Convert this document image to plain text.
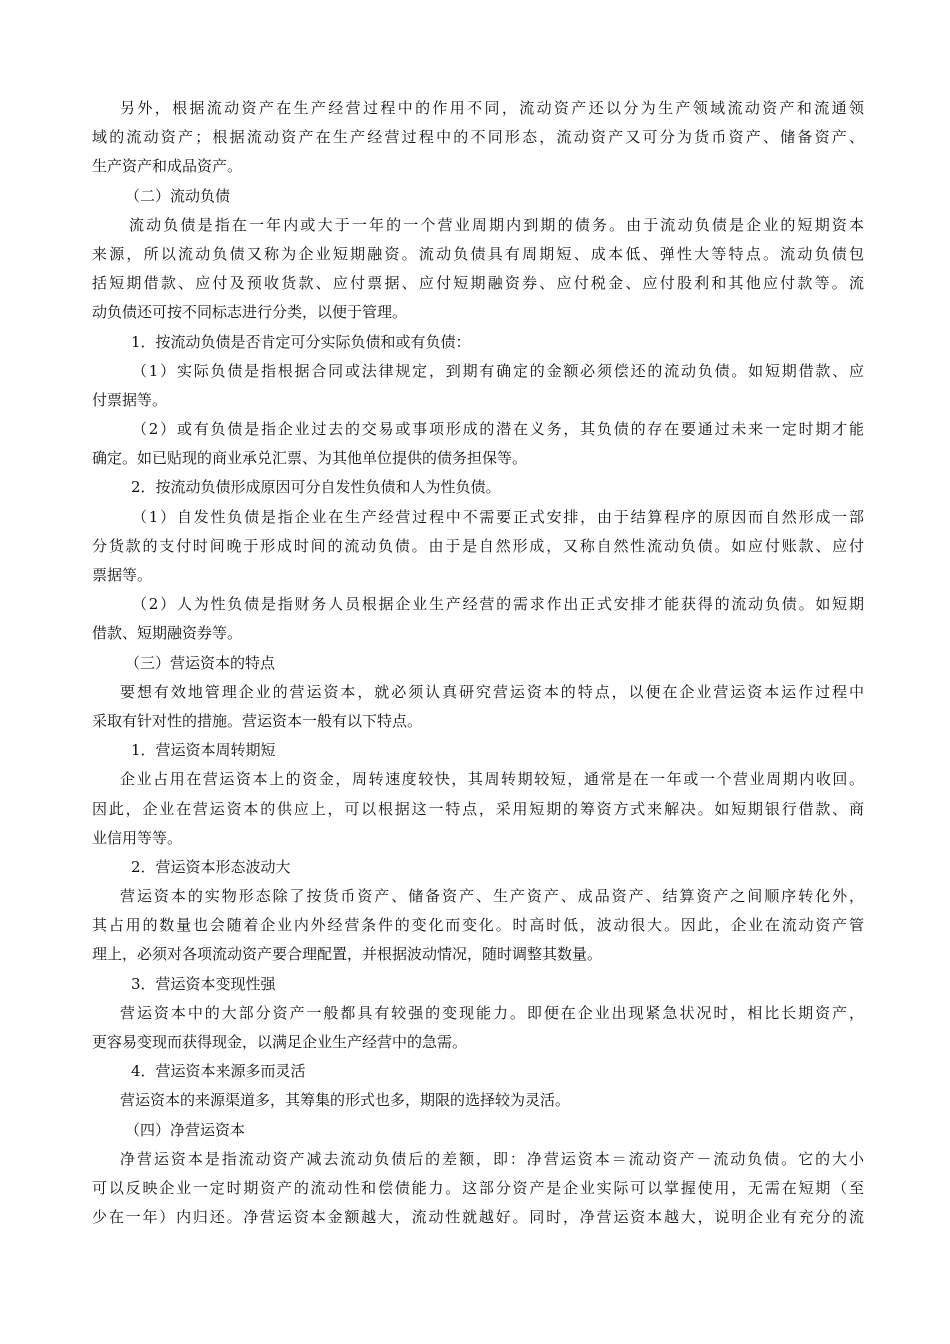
另外，根据流动资产在生产经营过程中的作用不同，流动资产还以分为生产领域流动资产和流通领
域的流动资产；根据流动资产在生产经营过程中的不同形态，流动资产又可分为货币资产、储备资产、
生产资产和成品资产。
（二）流动负债
流动负债是指在一年内或大于一年的一个营业周期内到期的债务。由于流动负债是企业的短期资本
来源，所以流动负债又称为企业短期融资。流动负债具有周期短、成本低、弹性大等特点。流动负债包
括短期借款、应付及预收货款、应付票据、应付短期融资券、应付税金、应付股利和其他应付款等。流
动负债还可按不同标志进行分类，以便于管理。
1．按流动负债是否肯定可分实际负债和或有负债：
（1）实际负债是指根据合同或法律规定，到期有确定的金额必须偿还的流动负债。如短期借款、应
付票据等。
（2）或有负债是指企业过去的交易或事项形成的潜在义务，其负债的存在要通过未来一定时期才能
确定。如已贴现的商业承兑汇票、为其他单位提供的债务担保等。
2．按流动负债形成原因可分自发性负债和人为性负债。
（1）自发性负债是指企业在生产经营过程中不需要正式安排，由于结算程序的原因而自然形成一部
分货款的支付时间晚于形成时间的流动负债。由于是自然形成，又称自然性流动负债。如应付账款、应付
票据等。
（2）人为性负债是指财务人员根据企业生产经营的需求作出正式安排才能获得的流动负债。如短期
借款、短期融资券等。
（三）营运资本的特点
要想有效地管理企业的营运资本，就必须认真研究营运资本的特点，以便在企业营运资本运作过程中
采取有针对性的措施。营运资本一般有以下特点。
1．营运资本周转期短
企业占用在营运资本上的资金，周转速度较快，其周转期较短，通常是在一年或一个营业周期内收回。
因此，企业在营运资本的供应上，可以根据这一特点，采用短期的筹资方式来解决。如短期银行借款、商
业信用等等。
2．营运资本形态波动大
营运资本的实物形态除了按货币资产、储备资产、生产资产、成品资产、结算资产之间顺序转化外，
其占用的数量也会随着企业内外经营条件的变化而变化。时高时低，波动很大。因此，企业在流动资产管
理上，必须对各项流动资产要合理配置，并根据波动情况，随时调整其数量。
3．营运资本变现性强
营运资本中的大部分资产一般都具有较强的变现能力。即便在企业出现紧急状况时，相比长期资产，
更容易变现而获得现金，以满足企业生产经营中的急需。
4．营运资本来源多而灵活
营运资本的来源渠道多，其筹集的形式也多，期限的选择较为灵活。
（四）净营运资本
净营运资本是指流动资产减去流动负债后的差额，即：净营运资本＝流动资产－流动负债。它的大小
可以反映企业一定时期资产的流动性和偿债能力。这部分资产是企业实际可以掌握使用，无需在短期（至
少在一年）内归还。净营运资本金额越大，流动性就越好。同时，净营运资本越大，说明企业有充分的流
